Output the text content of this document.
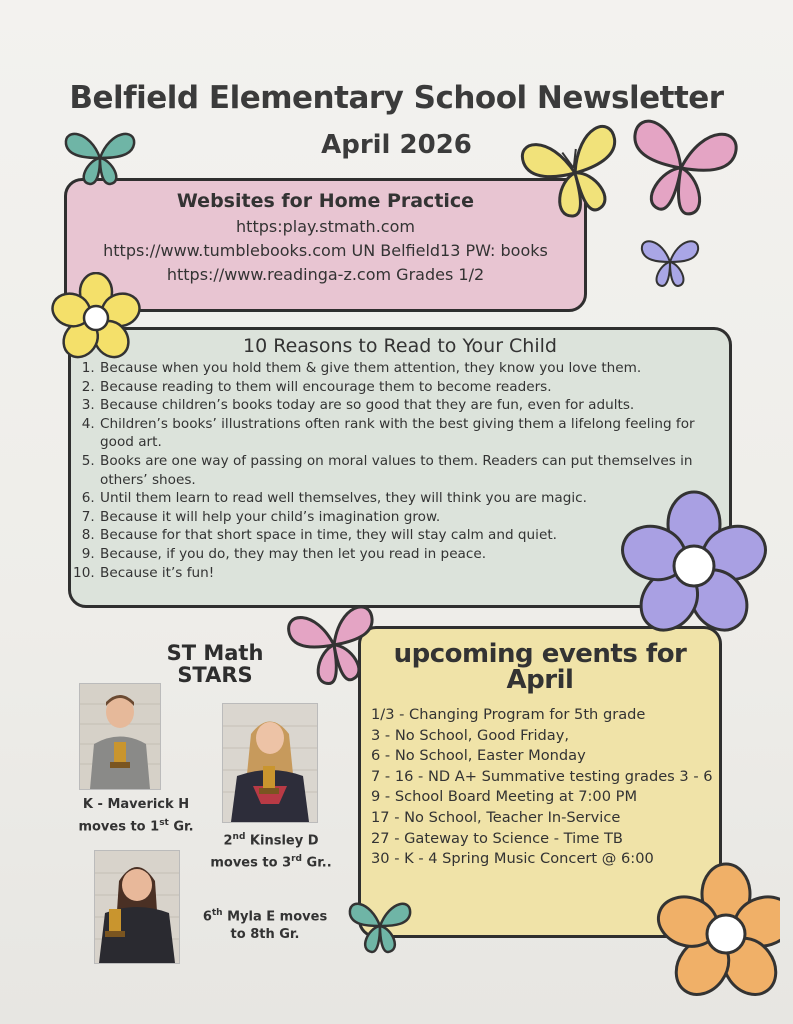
Belfield Elementary School Newsletter
April 2026
Websites for Home Practice
https:play.stmath.com
https://www.tumblebooks.com UN Belfield13 PW: books
https://www.readinga-z.com Grades 1/2
10 Reasons to Read to Your Child
1. Because when you hold them & give them attention, they know you love them.
2. Because reading to them will encourage them to become readers.
3. Because children’s books today are so good that they are fun, even for adults.
4. Children’s books’ illustrations often rank with the best giving them a lifelong feeling for good art.
5. Books are one way of passing on moral values to them. Readers can put themselves in others’ shoes.
6. Until them learn to read well themselves, they will think you are magic.
7. Because it will help your child’s imagination grow.
8. Because for that short space in time, they will stay calm and quiet.
9. Because, if you do, they may then let you read in peace.
10. Because it’s fun!
ST Math
STARS
K - Maverick H
moves to 1st Gr.
2nd Kinsley D
moves to 3rd Gr..
6th Myla E moves
to 8th Gr.
upcoming events for
April
1/3 - Changing Program for 5th grade
3 - No School, Good Friday,
6 - No School, Easter Monday
7 - 16 - ND A+ Summative testing grades 3 - 6
9 - School Board Meeting at 7:00 PM
17 - No School, Teacher In-Service
27 - Gateway to Science - Time TB
30 - K - 4 Spring Music Concert @ 6:00
